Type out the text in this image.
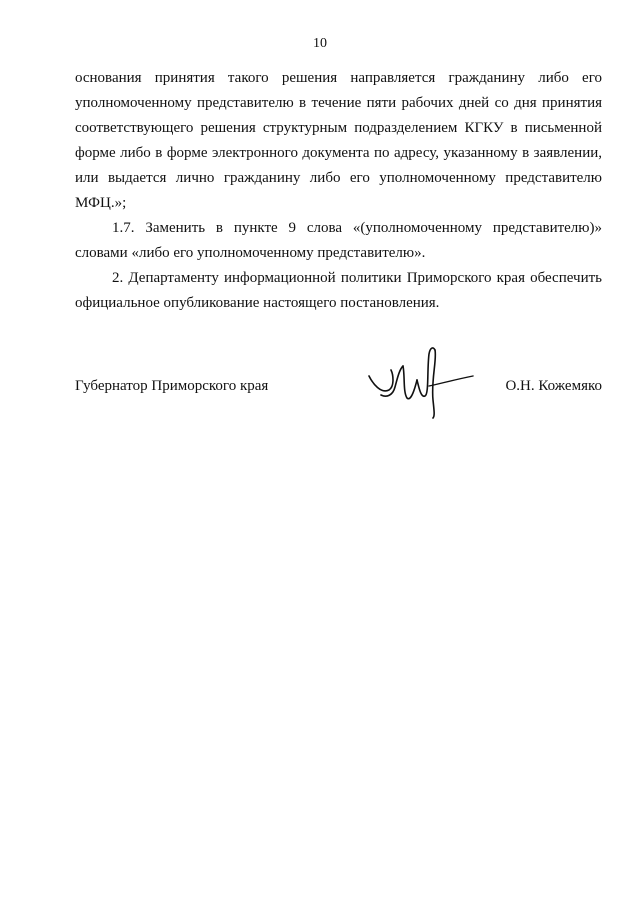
10

основания принятия такого решения направляется гражданину либо его уполномоченному представителю в течение пяти рабочих дней со дня принятия соответствующего решения структурным подразделением КГКУ в письменной форме либо в форме электронного документа по адресу, указанному в заявлении, или выдается лично гражданину либо его уполномоченному представителю МФЦ.»;

1.7. Заменить в пункте 9 слова «(уполномоченному представителю)» словами «либо его уполномоченному представителю».

2. Департаменту информационной политики Приморского края обеспечить официальное опубликование настоящего постановления.

Губернатор Приморского края	О.Н. Кожемяко
